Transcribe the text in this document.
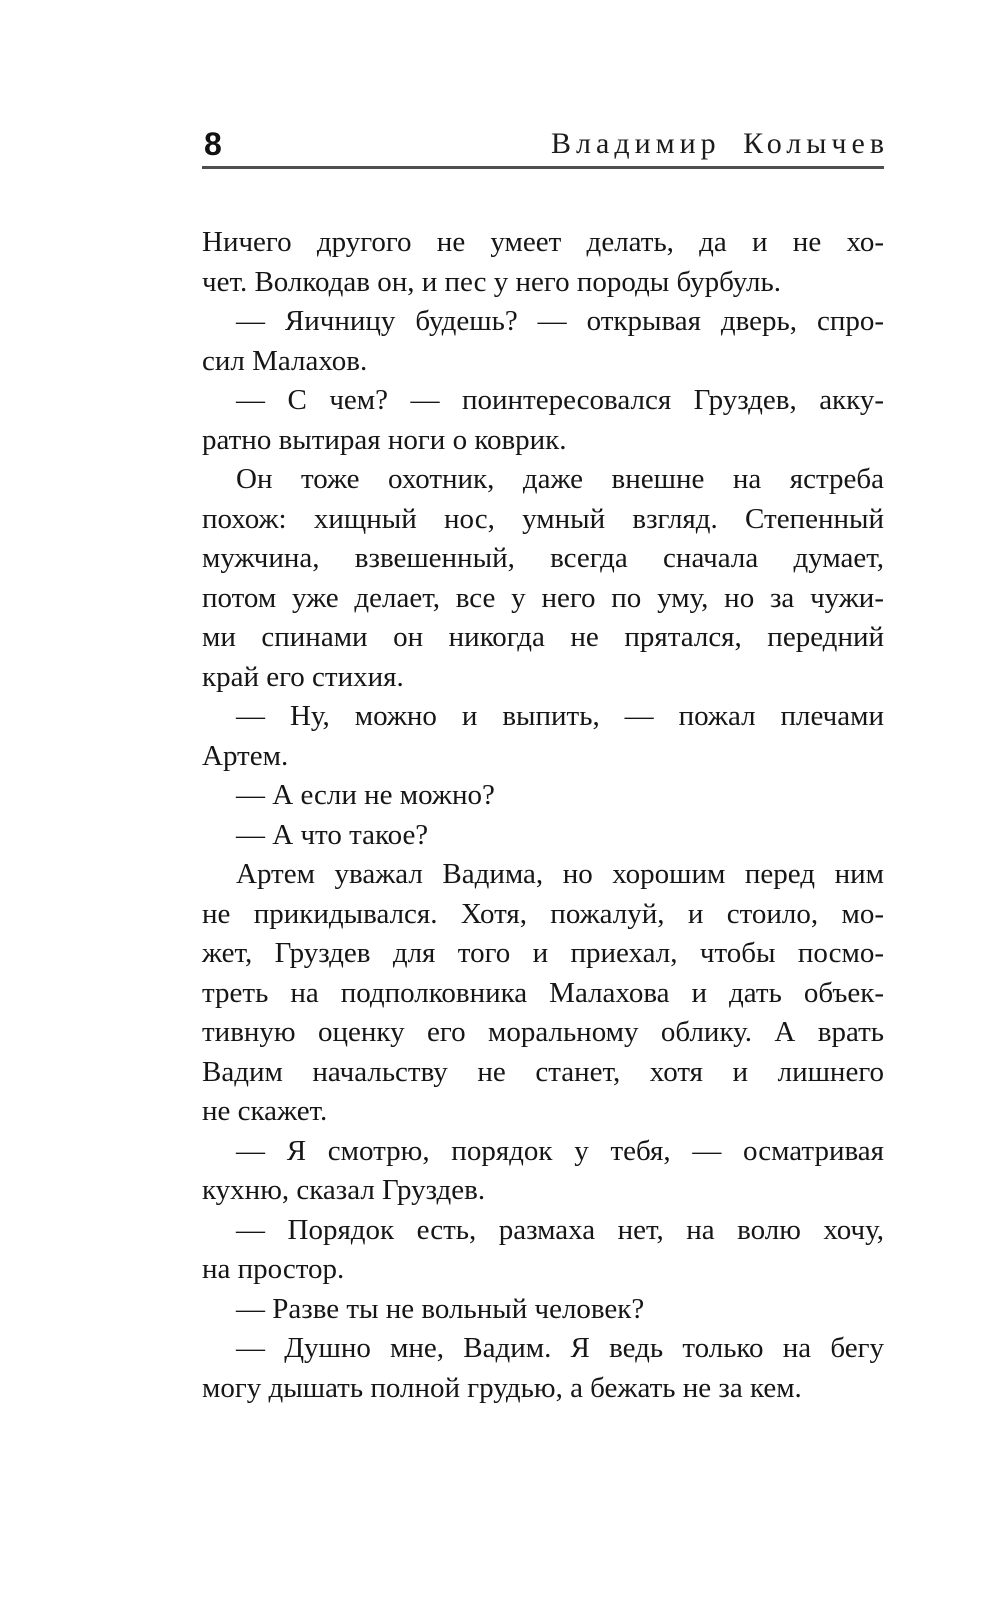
8	Владимир Колычев
Ничего другого не умеет делать, да и не хо-
чет. Волкодав он, и пес у него породы бурбуль.
— Яичницу будешь? — открывая дверь, спро-
сил Малахов.
— С чем? — поинтересовался Груздев, акку-
ратно вытирая ноги о коврик.
Он тоже охотник, даже внешне на ястреба
похож: хищный нос, умный взгляд. Степенный
мужчина, взвешенный, всегда сначала думает,
потом уже делает, все у него по уму, но за чужи-
ми спинами он никогда не прятался, передний
край его стихия.
— Ну, можно и выпить, — пожал плечами
Артем.
— А если не можно?
— А что такое?
Артем уважал Вадима, но хорошим перед ним
не прикидывался. Хотя, пожалуй, и стоило, мо-
жет, Груздев для того и приехал, чтобы посмо-
треть на подполковника Малахова и дать объек-
тивную оценку его моральному облику. А врать
Вадим начальству не станет, хотя и лишнего
не скажет.
— Я смотрю, порядок у тебя, — осматривая
кухню, сказал Груздев.
— Порядок есть, размаха нет, на волю хочу,
на простор.
— Разве ты не вольный человек?
— Душно мне, Вадим. Я ведь только на бегу
могу дышать полной грудью, а бежать не за кем.
